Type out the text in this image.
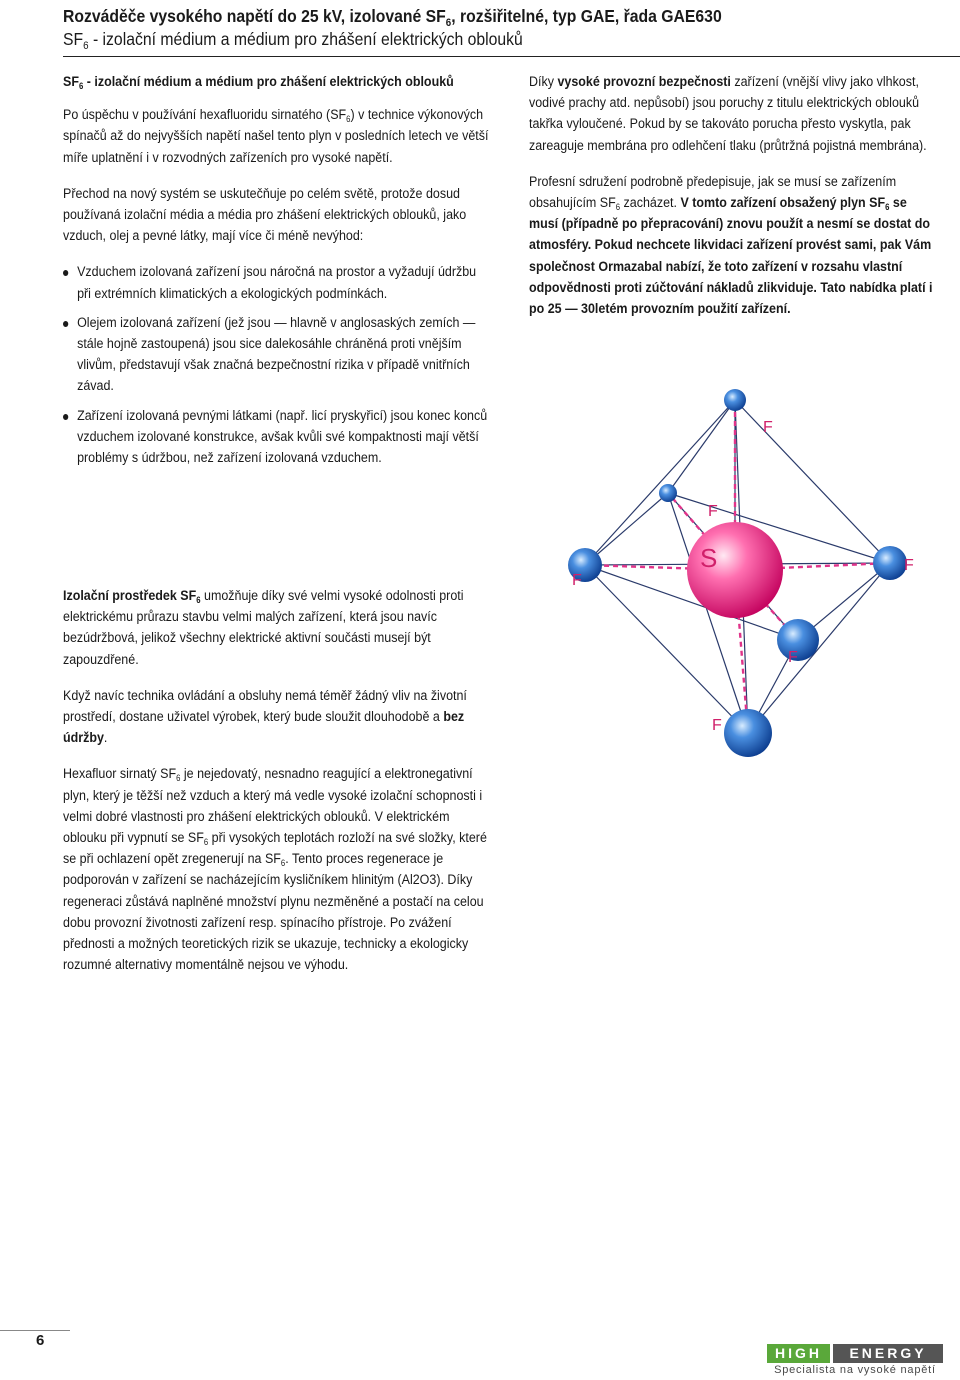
Rozváděče vysokého napětí do 25 kV, izolované $SF_6$, rozšiřitelné, typ GAE, řada GAE630
$SF_6$ - izolační médium a médium pro zhášení elektrických oblouků

$SF_6$ - izolační médium a médium pro zhášení elektrických oblouků

Po úspěchu v používání hexafluoridu sirnatého $(SF_6)$ v technice výkonových spínačů až do nejvyšších napětí našel tento plyn v posledních letech ve větší míře uplatnění i v rozvodných zařízeních pro vysoké napětí.

Přechod na nový systém se uskutečňuje po celém světě, protože dosud používaná izolační média a média pro zhášení elektrických oblouků, jako vzduch, olej a pevné látky, mají více či méně nevýhod:

Vzduchem izolovaná zařízení jsou náročná na prostor a vyžadují údržbu při extrémních klimatických a ekologických podmínkách.
Olejem izolovaná zařízení (jež jsou — hlavně v anglosaských zemích — stále hojně zastoupená) jsou sice dalekosáhle chráněná proti vnějším vlivům, představují však značná bezpečnostní rizika v případě vnitřních závad.
Zařízení izolovaná pevnými látkami (např. licí pryskyřicí) jsou konec konců vzduchem izolované konstrukce, avšak kvůli své kompaktnosti mají větší problémy s údržbou, než zařízení izolovaná vzduchem.

Izolační prostředek $SF_6$ umožňuje díky své velmi vysoké odolnosti proti elektrickému průrazu stavbu velmi malých zařízení, která jsou navíc bezúdržbová, jelikož všechny elektrické aktivní součásti musejí být zapouzdřené.

Když navíc technika ovládání a obsluhy nemá téměř žádný vliv na životní prostředí, dostane uživatel výrobek, který bude sloužit dlouhodobě a bez údržby.

Hexafluor sirnatý $SF_6$ je nejedovatý, nesnadno reagující a elektronegativní plyn, který je těžší než vzduch a který má vedle vysoké izolační schopnosti i velmi dobré vlastnosti pro zhášení elektrických oblouků. V elektrickém oblouku při vypnutí se $SF_6$ při vysokých teplotách rozloží na své složky, které se při ochlazení opět zregenerují na $SF_6$. Tento proces regenerace je podporován v zařízení se nacházejícím kysličníkem hlinitým (Al2O3). Díky regeneraci zůstává naplněné množství plynu nezměněné a postačí na celou dobu provozní životnosti zařízení resp. spínacího přístroje. Po zvážení přednosti a možných teoretických rizik se ukazuje, technicky a ekologicky rozumné alternativy momentálně nejsou ve výhodu.

Díky vysoké provozní bezpečnosti zařízení (vnější vlivy jako vlhkost, vodivé prachy atd. nepůsobí) jsou poruchy z titulu elektrických oblouků takřka vyloučené. Pokud by se takováto porucha přesto vyskytla, pak zareaguje membrána pro odlehčení tlaku (průtržná pojistná membrána).

Profesní sdružení podrobně předepisuje, jak se musí se zařízením obsahujícím $SF_6$ zacházet. V tomto zařízení obsažený plyn $SF_6$ se musí (případně po přepracování) znovu použít a nesmí se dostat do atmosféry. Pokud nechcete likvidaci zařízení provést sami, pak Vám společnost Ormazabal nabízí, že toto zařízení v rozsahu vlastní odpovědnosti proti zúčtování nákladů zlikviduje. Tato nabídka platí i po 25 — 30letém provozním použití zařízení.

S
F
F
F
F
F
F
6
HIGH	ENERGY
Specialista na vysoké napětí
